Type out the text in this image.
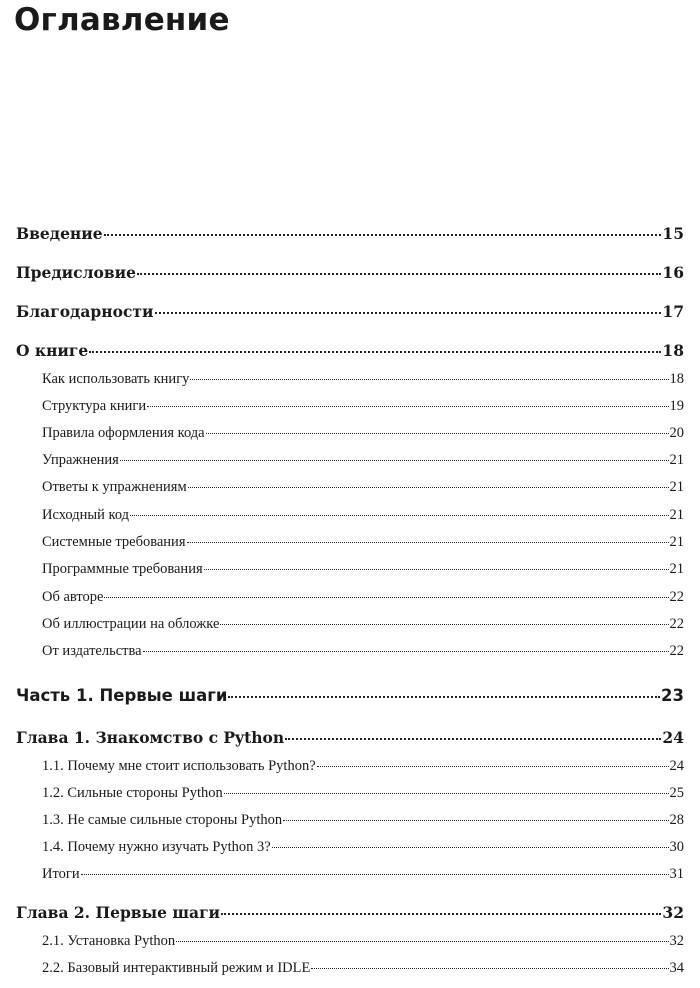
Оглавление
Введение	15
Предисловие	16
Благодарности	17
О книге	18
Как использовать книгу	18
Структура книги	19
Правила оформления кода	20
Упражнения	21
Ответы к упражнениям	21
Исходный код	21
Системные требования	21
Программные требования	21
Об авторе	22
Об иллюстрации на обложке	22
От издательства	22
Часть 1. Первые шаги	23
Глава 1. Знакомство с Python	24
1.1. Почему мне стоит использовать Python?	24
1.2. Сильные стороны Python	25
1.3. Не самые сильные стороны Python	28
1.4. Почему нужно изучать Python 3?	30
Итоги	31
Глава 2. Первые шаги	32
2.1. Установка Python	32
2.2. Базовый интерактивный режим и IDLE	34
